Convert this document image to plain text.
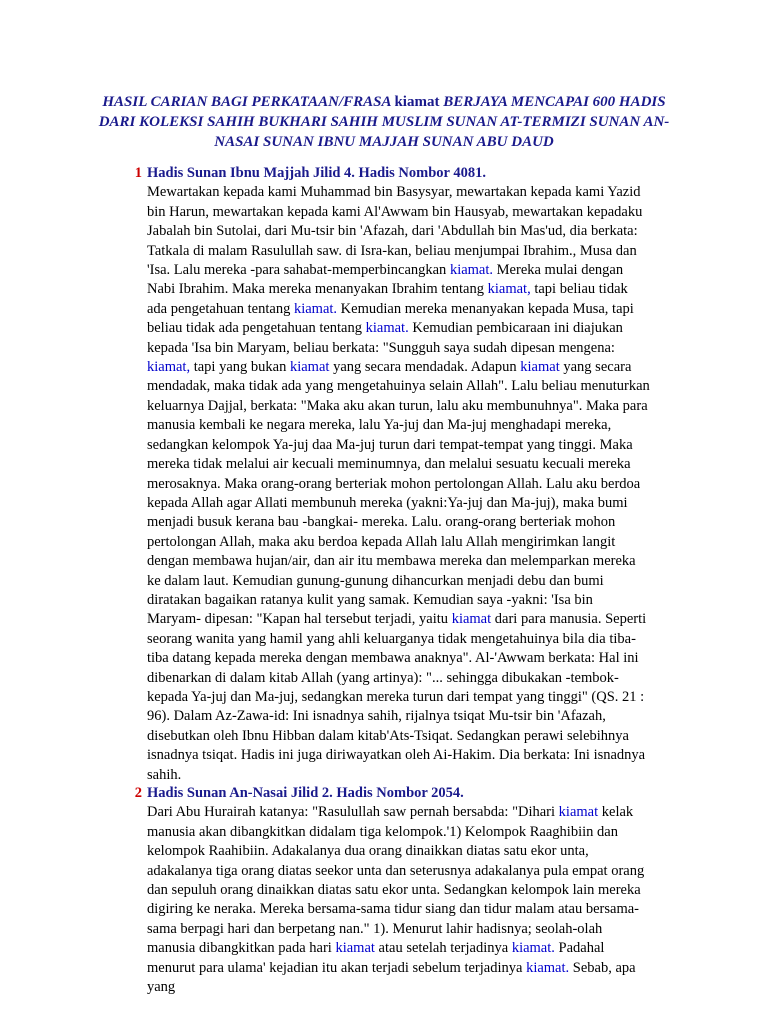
HASIL CARIAN BAGI PERKATAAN/FRASA kiamat BERJAYA MENCAPAI 600 HADIS DARI KOLEKSI SAHIH BUKHARI SAHIH MUSLIM SUNAN AT-TERMIZI SUNAN AN-NASAI SUNAN IBNU MAJJAH SUNAN ABU DAUD
1 Hadis Sunan Ibnu Majjah Jilid 4. Hadis Nombor 4081.
Mewartakan kepada kami Muhammad bin Basysyar, mewartakan kepada kami Yazid bin Harun, mewartakan kepada kami Al'Awwam bin Hausyab, mewartakan kepadaku Jabalah bin Sutolai, dari Mu-tsir bin 'Afazah, dari 'Abdullah bin Mas'ud, dia berkata: Tatkala di malam Rasulullah saw. di Isra-kan, beliau menjumpai Ibrahim., Musa dan 'Isa. Lalu mereka -para sahabat-memperbincangkan kiamat. Mereka mulai dengan Nabi Ibrahim. Maka mereka menanyakan Ibrahim tentang kiamat, tapi beliau tidak ada pengetahuan tentang kiamat. Kemudian mereka menanyakan kepada Musa, tapi beliau tidak ada pengetahuan tentang kiamat. Kemudian pembicaraan ini diajukan kepada 'Isa bin Maryam, beliau berkata: "Sungguh saya sudah dipesan mengena: kiamat, tapi yang bukan kiamat yang secara mendadak. Adapun kiamat yang secara mendadak, maka tidak ada yang mengetahuinya selain Allah". Lalu beliau menuturkan keluarnya Dajjal, berkata: "Maka aku akan turun, lalu aku membunuhnya". Maka para manusia kembali ke negara mereka, lalu Ya-juj dan Ma-juj menghadapi mereka, sedangkan kelompok Ya-juj daa Ma-juj turun dari tempat-tempat yang tinggi. Maka mereka tidak melalui air kecuali meminumnya, dan melalui sesuatu kecuali mereka merosaknya. Maka orang-orang berteriak mohon pertolongan Allah. Lalu aku berdoa kepada Allah agar Allati membunuh mereka (yakni:Ya-juj dan Ma-juj), maka bumi menjadi busuk kerana bau -bangkai- mereka. Lalu. orang-orang berteriak mohon pertolongan Allah, maka aku berdoa kepada Allah lalu Allah mengirimkan langit dengan membawa hujan/air, dan air itu membawa mereka dan melemparkan mereka ke dalam laut. Kemudian gunung-gunung dihancurkan menjadi debu dan bumi diratakan bagaikan ratanya kulit yang samak. Kemudian saya -yakni: 'Isa bin Maryam- dipesan: "Kapan hal tersebut terjadi, yaitu kiamat dari para manusia. Seperti seorang wanita yang hamil yang ahli keluarganya tidak mengetahuinya bila dia tiba-tiba datang kepada mereka dengan membawa anaknya". Al-'Awwam berkata: Hal ini dibenarkan di dalam kitab Allah (yang artinya): "... sehingga dibukakan -tembok- kepada Ya-juj dan Ma-juj, sedangkan mereka turun dari tempat yang tinggi" (QS. 21 : 96). Dalam Az-Zawa-id: Ini isnadnya sahih, rijalnya tsiqat Mu-tsir bin 'Afazah, disebutkan oleh Ibnu Hibban dalam kitab'Ats-Tsiqat. Sedangkan perawi selebihnya isnadnya tsiqat. Hadis ini juga diriwayatkan oleh Ai-Hakim. Dia berkata: Ini isnadnya sahih.
2 Hadis Sunan An-Nasai Jilid 2. Hadis Nombor 2054.
Dari Abu Hurairah katanya: "Rasulullah saw pernah bersabda: "Dihari kiamat kelak manusia akan dibangkitkan didalam tiga kelompok.'1) Kelompok Raaghibiin dan kelompok Raahibiin. Adakalanya dua orang dinaikkan diatas satu ekor unta, adakalanya tiga orang diatas seekor unta dan seterusnya adakalanya pula empat orang dan sepuluh orang dinaikkan diatas satu ekor unta. Sedangkan kelompok lain mereka digiring ke neraka. Mereka bersama-sama tidur siang dan tidur malam atau bersama-sama berpagi hari dan berpetang nan." 1). Menurut lahir hadisnya; seolah-olah manusia dibangkitkan pada hari kiamat atau setelah terjadinya kiamat. Padahal menurut para ulama' kejadian itu akan terjadi sebelum terjadinya kiamat. Sebab, apa yang
